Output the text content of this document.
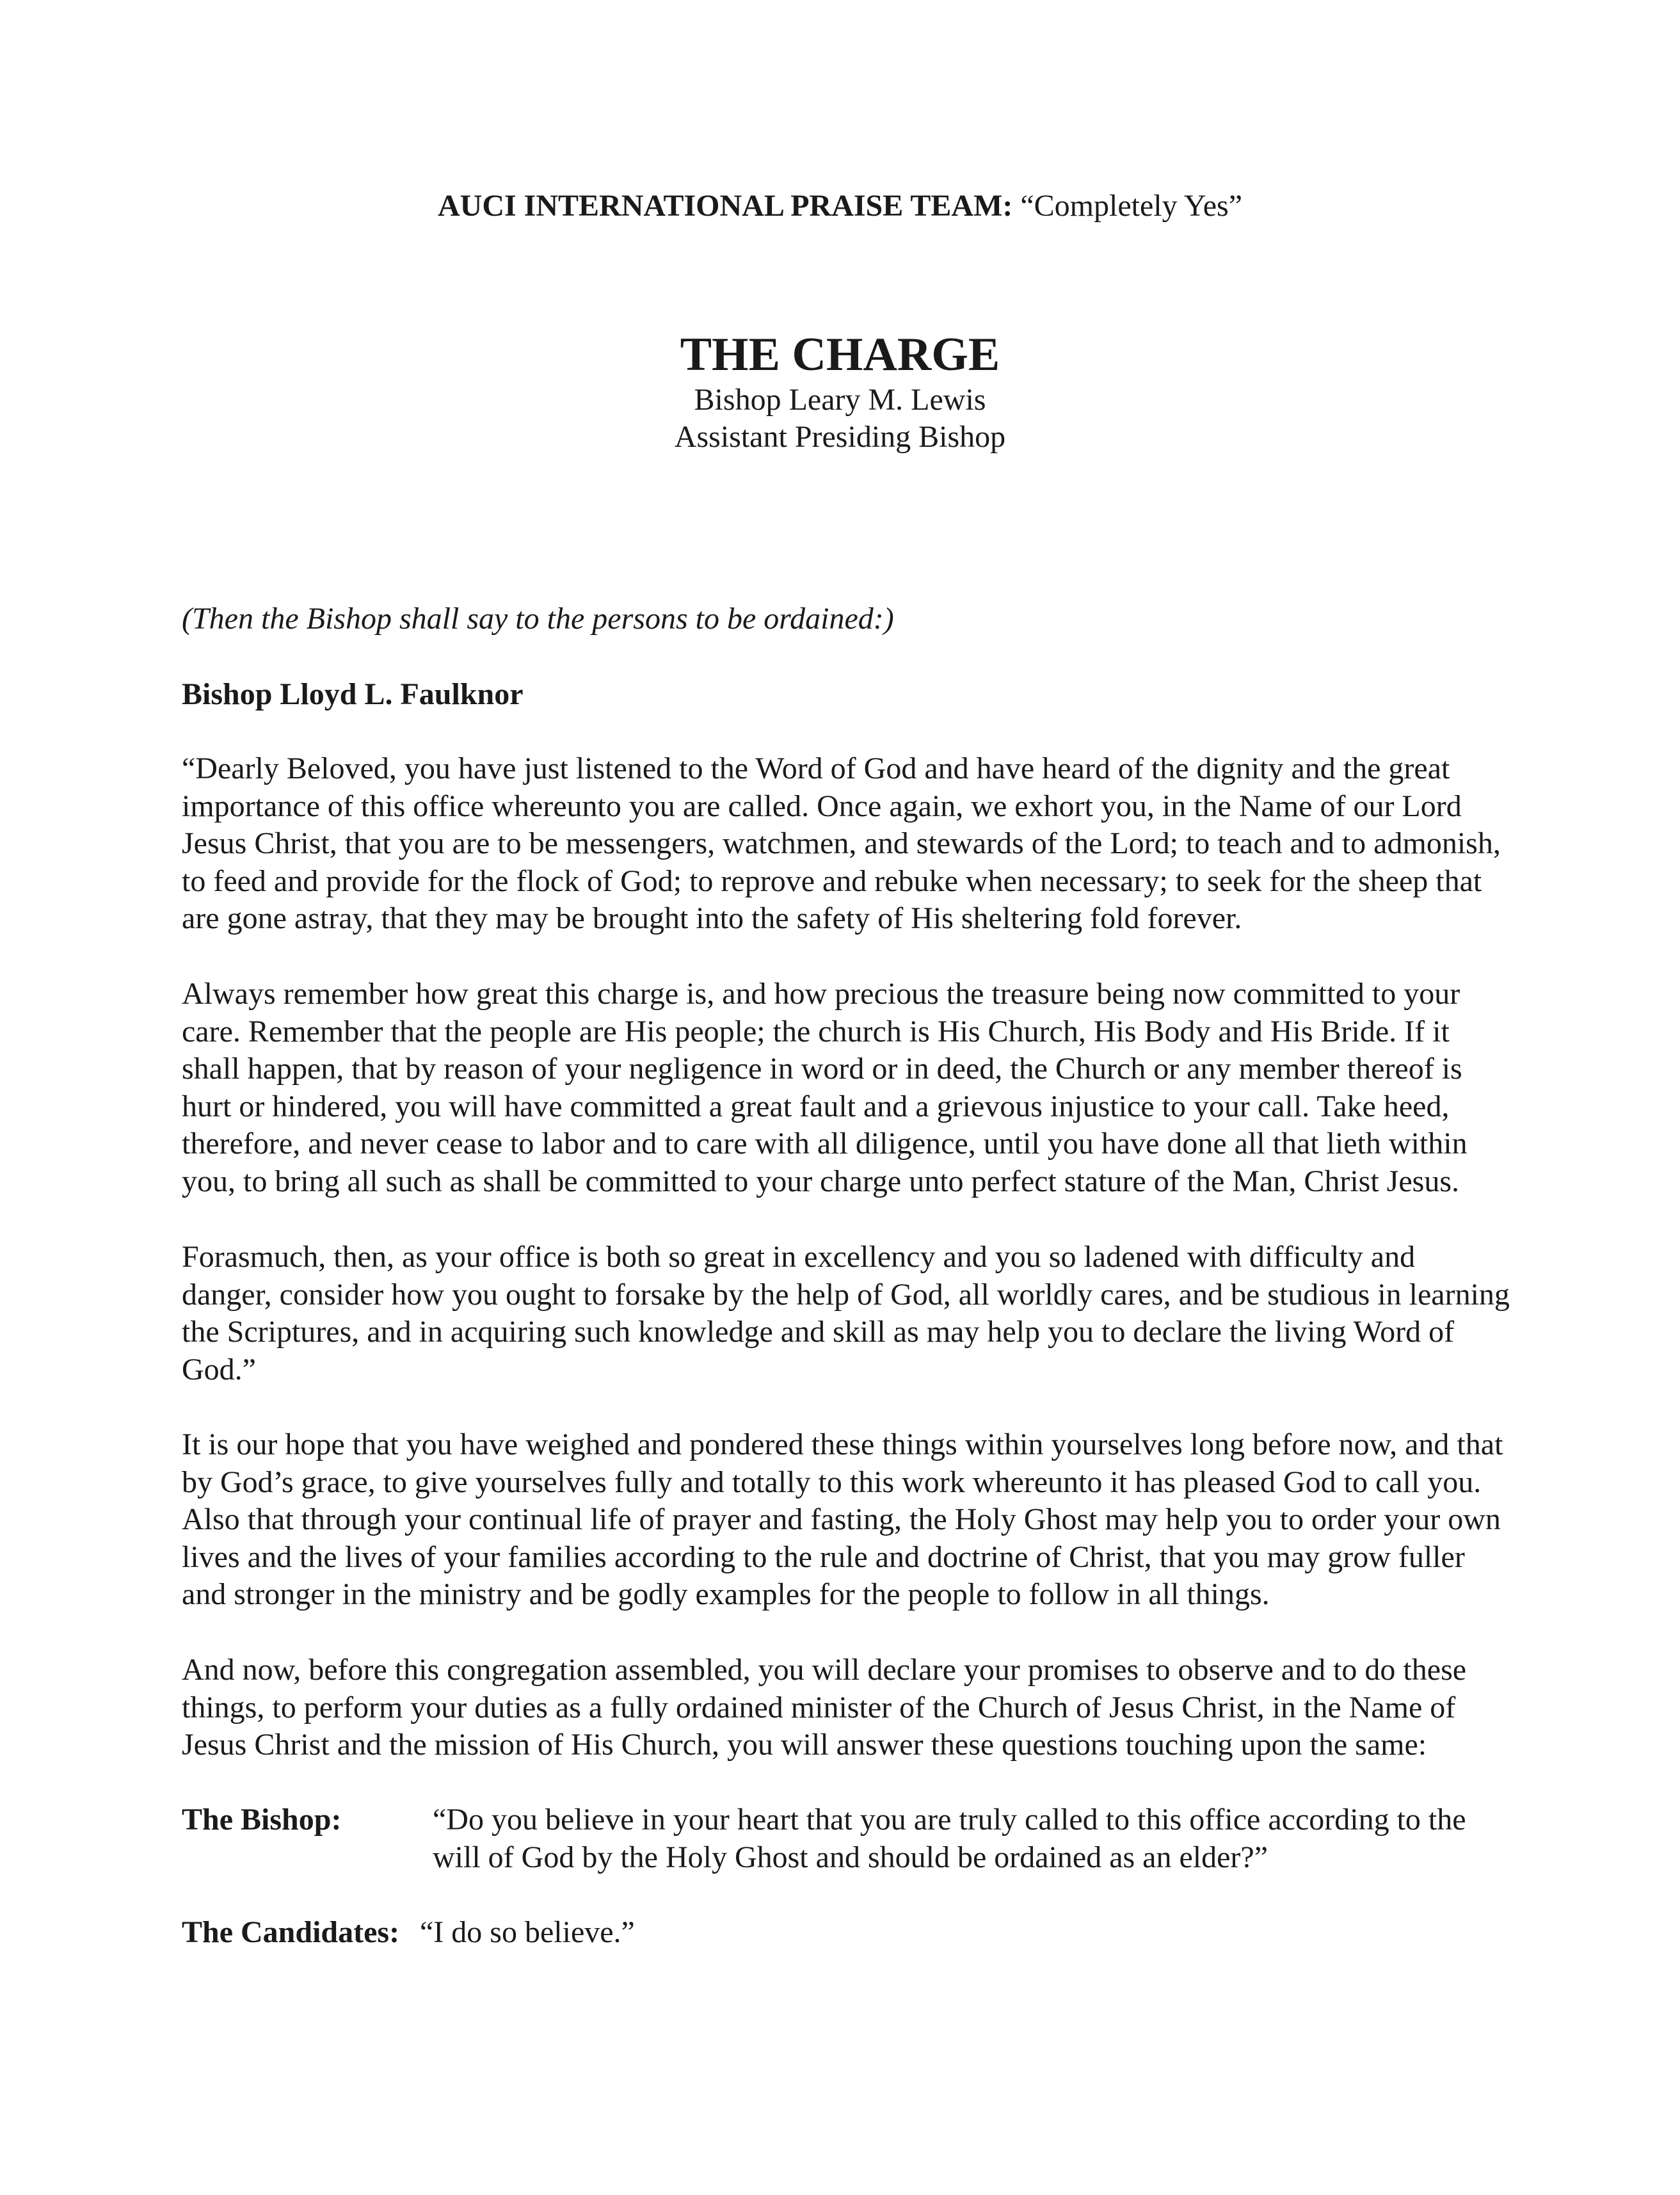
AUCI INTERNATIONAL PRAISE TEAM: “Completely Yes”
THE CHARGE
Bishop Leary M. Lewis
Assistant Presiding Bishop
(Then the Bishop shall say to the persons to be ordained:)
Bishop Lloyd L. Faulknor
“Dearly Beloved, you have just listened to the Word of God and have heard of the dignity and the great importance of this office whereunto you are called. Once again, we exhort you, in the Name of our Lord Jesus Christ, that you are to be messengers, watchmen, and stewards of the Lord; to teach and to admonish, to feed and provide for the flock of God; to reprove and rebuke when necessary; to seek for the sheep that are gone astray, that they may be brought into the safety of His sheltering fold forever.
Always remember how great this charge is, and how precious the treasure being now committed to your care. Remember that the people are His people; the church is His Church, His Body and His Bride. If it shall happen, that by reason of your negligence in word or in deed, the Church or any member thereof is hurt or hindered, you will have committed a great fault and a grievous injustice to your call. Take heed, therefore, and never cease to labor and to care with all diligence, until you have done all that lieth within you, to bring all such as shall be committed to your charge unto perfect stature of the Man, Christ Jesus.
Forasmuch, then, as your office is both so great in excellency and you so ladened with difficulty and danger, consider how you ought to forsake by the help of God, all worldly cares, and be studious in learning the Scriptures, and in acquiring such knowledge and skill as may help you to declare the living Word of God.”
It is our hope that you have weighed and pondered these things within yourselves long before now, and that by God’s grace, to give yourselves fully and totally to this work whereunto it has pleased God to call you. Also that through your continual life of prayer and fasting, the Holy Ghost may help you to order your own lives and the lives of your families according to the rule and doctrine of Christ, that you may grow fuller and stronger in the ministry and be godly examples for the people to follow in all things.
And now, before this congregation assembled, you will declare your promises to observe and to do these things, to perform your duties as a fully ordained minister of the Church of Jesus Christ, in the Name of Jesus Christ and the mission of His Church, you will answer these questions touching upon the same:
The Bishop:	“Do you believe in your heart that you are truly called to this office according to the will of God by the Holy Ghost and should be ordained as an elder?”
The Candidates: “I do so believe.”
